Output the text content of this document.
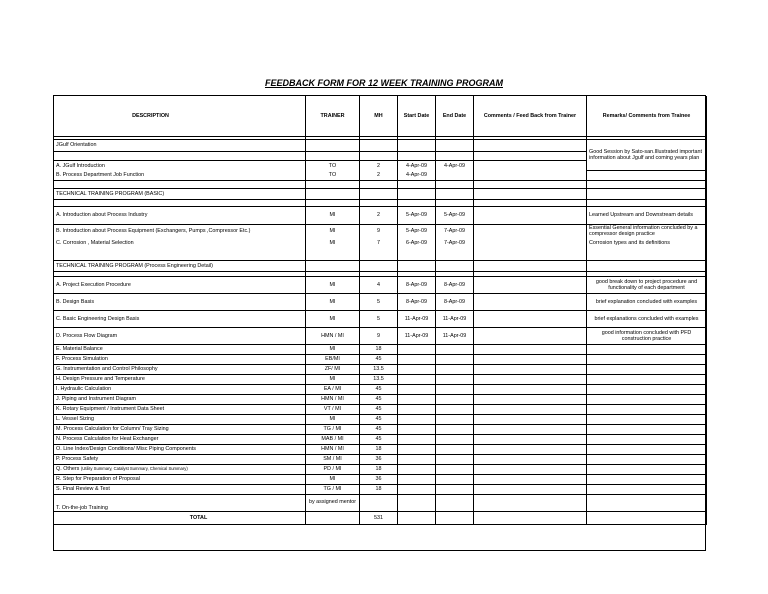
FEEDBACK FORM FOR 12 WEEK TRAINING PROGRAM
DESCRIPTION	TRAINER	MH	Start Date	End Date	Comments / Feed Back from Trainer	Remarks/ Comments from Trainee

JGulf Orientation						Good Session by Sato-san.Illustrated important information about Jgulf and coming years plan

A. JGulf Introduction	TO	2	4-Apr-09	4-Apr-09		
B. Process Department Job Function	TO	2	4-Apr-09			

TECHNICAL TRAINING PROGRAM (BASIC)						

A. Introduction about Process Industry	MI	2	5-Apr-09	5-Apr-09		Learned Upstream and Downstream details
B. Introduction about Process Equipment (Exchangers, Pumps ,Compressor Etc.)	MI	9	5-Apr-09	7-Apr-09		Essential General information concluded by a compressor design practice
C. Corrosion , Material Selection	MI	7	6-Apr-09	7-Apr-09		Corrosion types and its definitions

TECHNICAL TRAINING PROGRAM (Process Engineering Detail)						

A. Project Execution Procedure	MI	4	8-Apr-09	8-Apr-09		good break down to project procedure and functionality of each department
B. Design Basis	MI	5	8-Apr-09	8-Apr-09		brief explanation concluded with examples
C. Basic Engineering Design Basis	MI	5	11-Apr-09	11-Apr-09		brief explanations concluded with examples
D. Process Flow Diagram	HMN / MI	9	11-Apr-09	11-Apr-09		good information concluded with PFD construction practice
E. Material Balance	MI	18				
F. Process Simulation	EB/MI	45				
G. Instrumentation and Control Philosophy	ZF/ MI	13.5				
H. Design Pressure and Temperature	MI	13.5				
I. Hydraulic Calculation	EA / MI	45				
J. Piping and Instrument Diagram	HMN / MI	45				
K. Rotary Equipment / Instrument Data Sheet	VT / MI	45				
L. Vessel Sizing	MI	45				
M. Process Calculation for Column/ Tray Sizing	TG / MI	45				
N. Process Calculation for Heat Exchanger	MAB / MI	45				
O. Line Index/Design Conditions/ Misc Piping Components	HMN / MI	18				
P. Process Safety	SM / MI	36				
Q. Others (Utility Summary, Catalyst Summary, Chemical Summary)	PD / MI	18				
R. Step for Preparation of Proposal	MI	36				
S. Final Review & Test	TG / MI	18				
T. On-the-job Training	by assigned mentor					
TOTAL		531				
